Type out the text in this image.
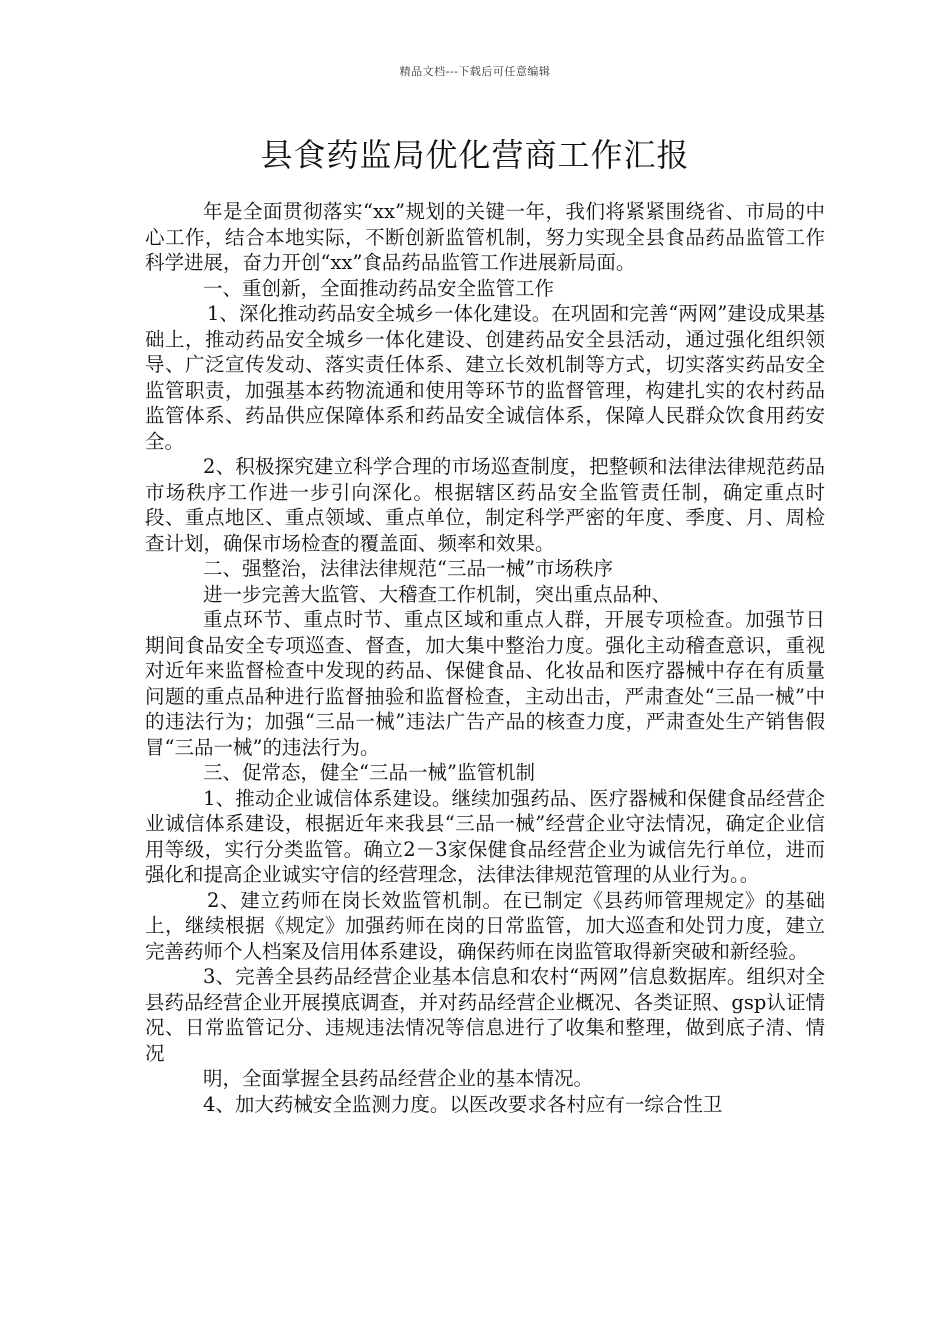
精品文档---下载后可任意编辑
县食药监局优化营商工作汇报

年是全面贯彻落实“xx”规划的关键一年，我们将紧紧围绕省、市局的中心工作，结合本地实际，不断创新监管机制，努力实现全县食品药品监管工作科学进展，奋力开创“xx”食品药品监管工作进展新局面。

一、重创新，全面推动药品安全监管工作

1、深化推动药品安全城乡一体化建设。在巩固和完善“两网”建设成果基础上，推动药品安全城乡一体化建设、创建药品安全县活动，通过强化组织领导、广泛宣传发动、落实责任体系、建立长效机制等方式，切实落实药品安全监管职责，加强基本药物流通和使用等环节的监督管理，构建扎实的农村药品监管体系、药品供应保障体系和药品安全诚信体系，保障人民群众饮食用药安全。

2、积极探究建立科学合理的市场巡查制度，把整顿和法律法律规范药品市场秩序工作进一步引向深化。根据辖区药品安全监管责任制，确定重点时段、重点地区、重点领域、重点单位，制定科学严密的年度、季度、月、周检查计划，确保市场检查的覆盖面、频率和效果。

二、强整治，法律法律规范“三品一械”市场秩序

进一步完善大监管、大稽查工作机制，突出重点品种、

重点环节、重点时节、重点区域和重点人群，开展专项检查。加强节日期间食品安全专项巡查、督查，加大集中整治力度。强化主动稽查意识，重视对近年来监督检查中发现的药品、保健食品、化妆品和医疗器械中存在有质量问题的重点品种进行监督抽验和监督检查，主动出击，严肃查处“三品一械”中的违法行为；加强“三品一械”违法广告产品的核查力度，严肃查处生产销售假冒“三品一械”的违法行为。

三、促常态，健全“三品一械”监管机制

1、推动企业诚信体系建设。继续加强药品、医疗器械和保健食品经营企业诚信体系建设，根据近年来我县“三品一械”经营企业守法情况，确定企业信用等级，实行分类监管。确立2－3家保健食品经营企业为诚信先行单位，进而强化和提高企业诚实守信的经营理念，法律法律规范管理的从业行为。。

2、建立药师在岗长效监管机制。在已制定《县药师管理规定》的基础上，继续根据《规定》加强药师在岗的日常监管，加大巡查和处罚力度，建立完善药师个人档案及信用体系建设，确保药师在岗监管取得新突破和新经验。

3、完善全县药品经营企业基本信息和农村“两网”信息数据库。组织对全县药品经营企业开展摸底调查，并对药品经营企业概况、各类证照、gsp认证情况、日常监管记分、违规违法情况等信息进行了收集和整理，做到底子清、情况

明，全面掌握全县药品经营企业的基本情况。

4、加大药械安全监测力度。以医改要求各村应有一综合性卫
